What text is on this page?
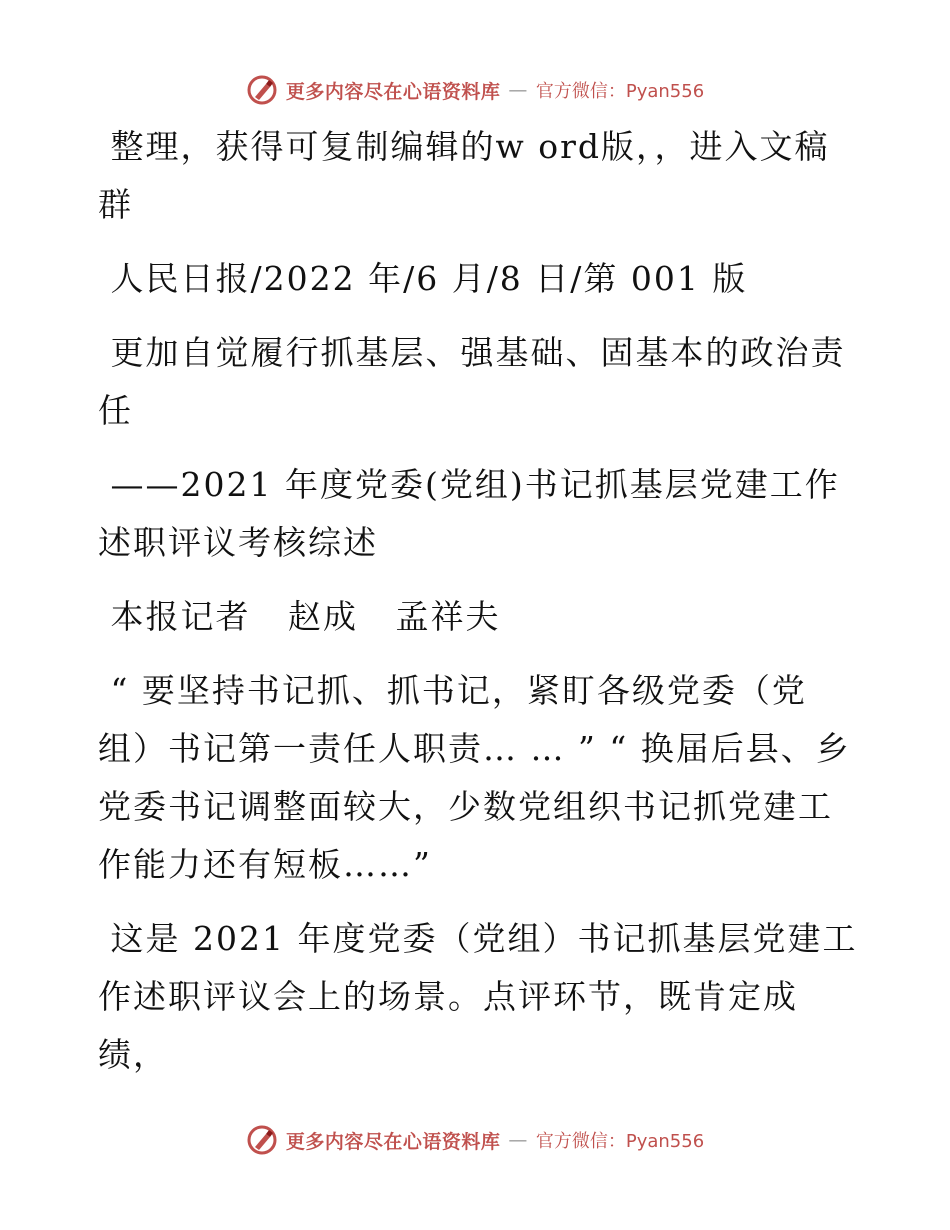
更多内容尽在心语资料库 — 官方微信：Pyan556

整理，获得可复制编辑的w ord版，，进入文稿群

人民日报/2022 年/6 月/8 日/第 001 版

更加自觉履行抓基层、强基础、固基本的政治责任

——2021 年度党委(党组)书记抓基层党建工作述职评议考核综述

本报记者   赵成   孟祥夫

“ 要坚持书记抓、抓书记，紧盯各级党委（党组）书记第一责任人职责… … ” “ 换届后县、乡党委书记调整面较大，少数党组织书记抓党建工作能力还有短板……”

这是 2021 年度党委（党组）书记抓基层党建工作述职评议会上的场景。点评环节，既肯定成绩，

更多内容尽在心语资料库 — 官方微信：Pyan556
